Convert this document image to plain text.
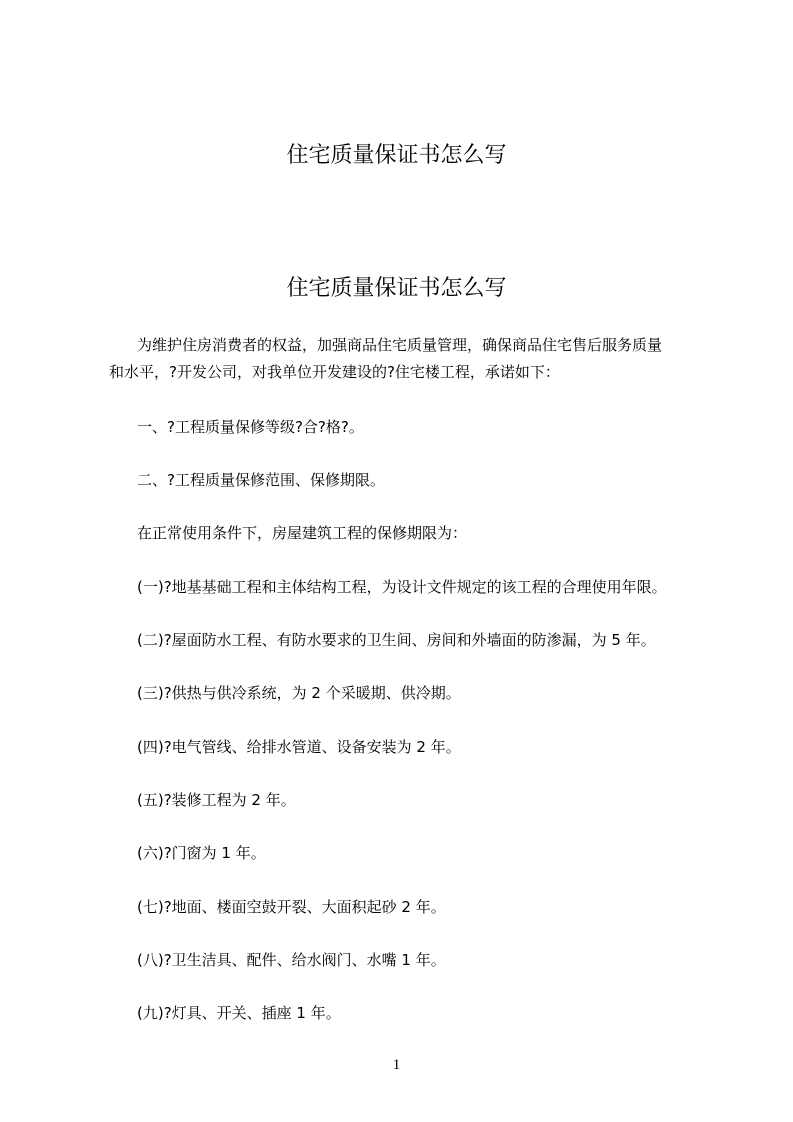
住宅质量保证书怎么写
住宅质量保证书怎么写
为维护住房消费者的权益，加强商品住宅质量管理，确保商品住宅售后服务质量
和水平，?开发公司，对我单位开发建设的?住宅楼工程，承诺如下：

一、?工程质量保修等级?合?格?。

二、?工程质量保修范围、保修期限。

在正常使用条件下，房屋建筑工程的保修期限为：

(一)?地基基础工程和主体结构工程，为设计文件规定的该工程的合理使用年限。

(二)?屋面防水工程、有防水要求的卫生间、房间和外墙面的防渗漏，为 5 年。

(三)?供热与供冷系统，为 2 个采暖期、供冷期。

(四)?电气管线、给排水管道、设备安装为 2 年。

(五)?装修工程为 2 年。

(六)?门窗为 1 年。

(七)?地面、楼面空鼓开裂、大面积起砂 2 年。

(八)?卫生洁具、配件、给水阀门、水嘴 1 年。

(九)?灯具、开关、插座 1 年。

1
